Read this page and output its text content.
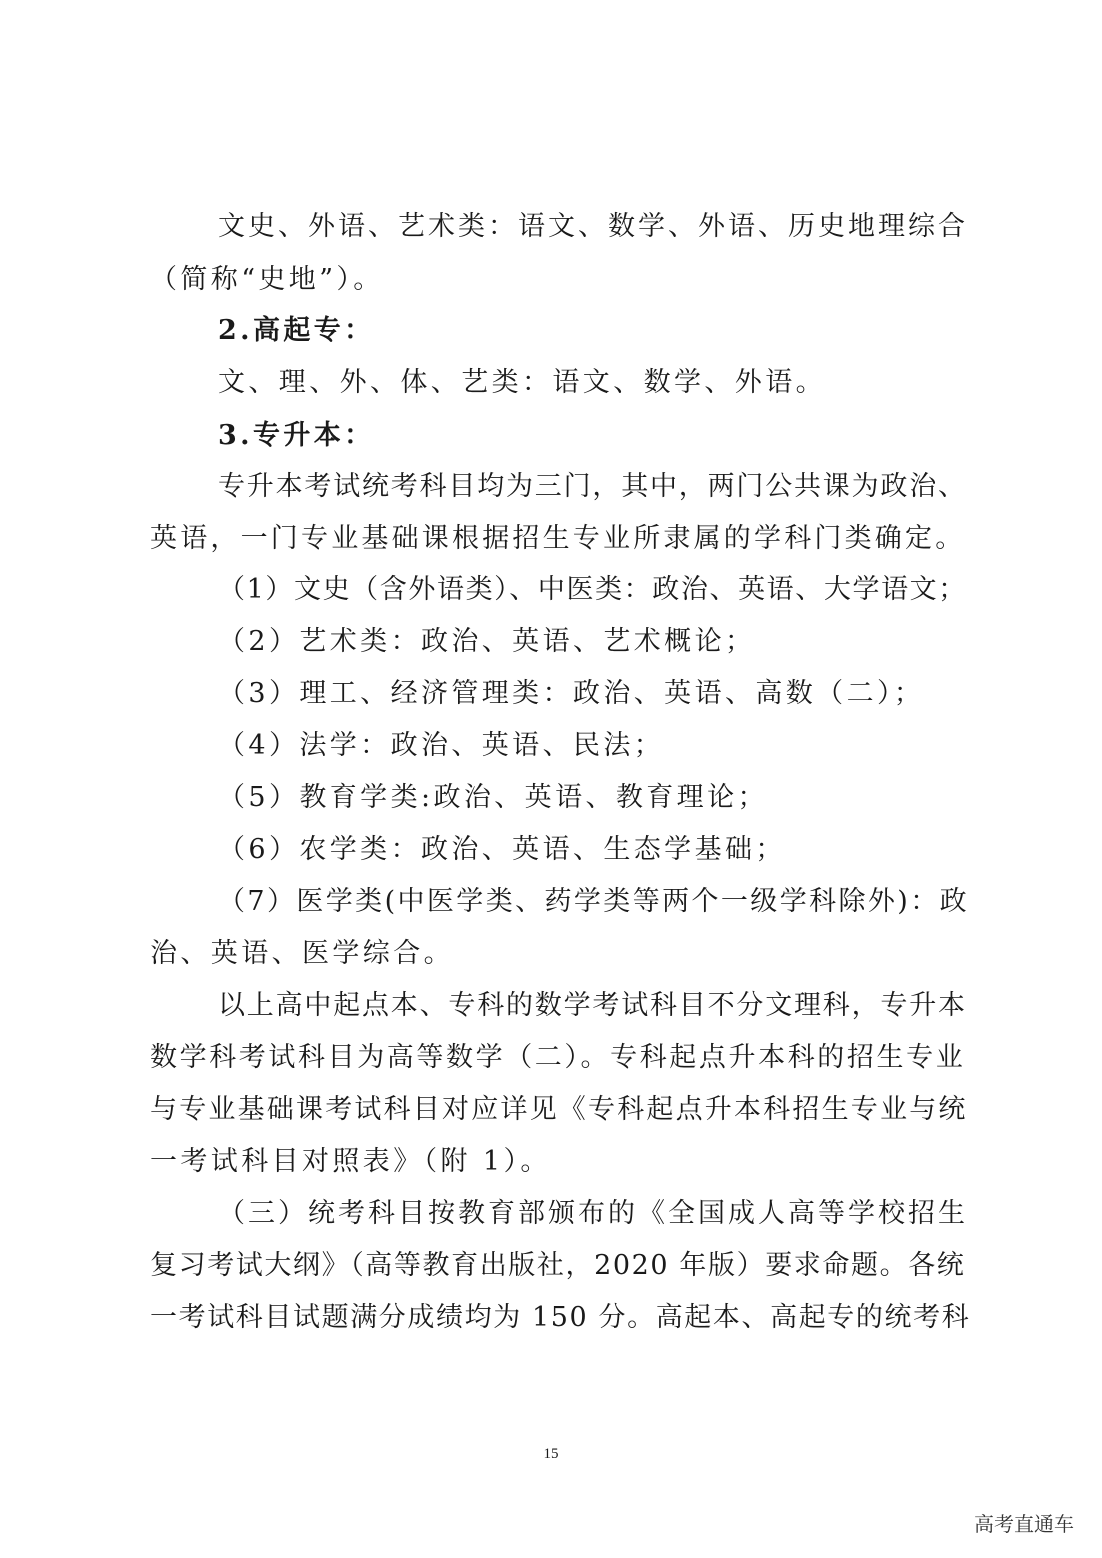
文史、外语、艺术类：语文、数学、外语、历史地理综合
（简称“史地”）。
2.高起专：
文、理、外、体、艺类：语文、数学、外语。
3.专升本：
专升本考试统考科目均为三门，其中，两门公共课为政治、
英语，一门专业基础课根据招生专业所隶属的学科门类确定。
（1）文史（含外语类）、中医类：政治、英语、大学语文；
（2）艺术类：政治、英语、艺术概论；
（3）理工、经济管理类：政治、英语、高数（二）；
（4）法学：政治、英语、民法；
（5）教育学类:政治、英语、教育理论；
（6）农学类：政治、英语、生态学基础；
（7）医学类(中医学类、药学类等两个一级学科除外)：政
治、英语、医学综合。
以上高中起点本、专科的数学考试科目不分文理科，专升本
数学科考试科目为高等数学（二）。专科起点升本科的招生专业
与专业基础课考试科目对应详见《专科起点升本科招生专业与统
一考试科目对照表》（附 1）。
（三）统考科目按教育部颁布的《全国成人高等学校招生
复习考试大纲》（高等教育出版社，2020 年版）要求命题。各统
一考试科目试题满分成绩均为 150 分。高起本、高起专的统考科
15
高考直通车
